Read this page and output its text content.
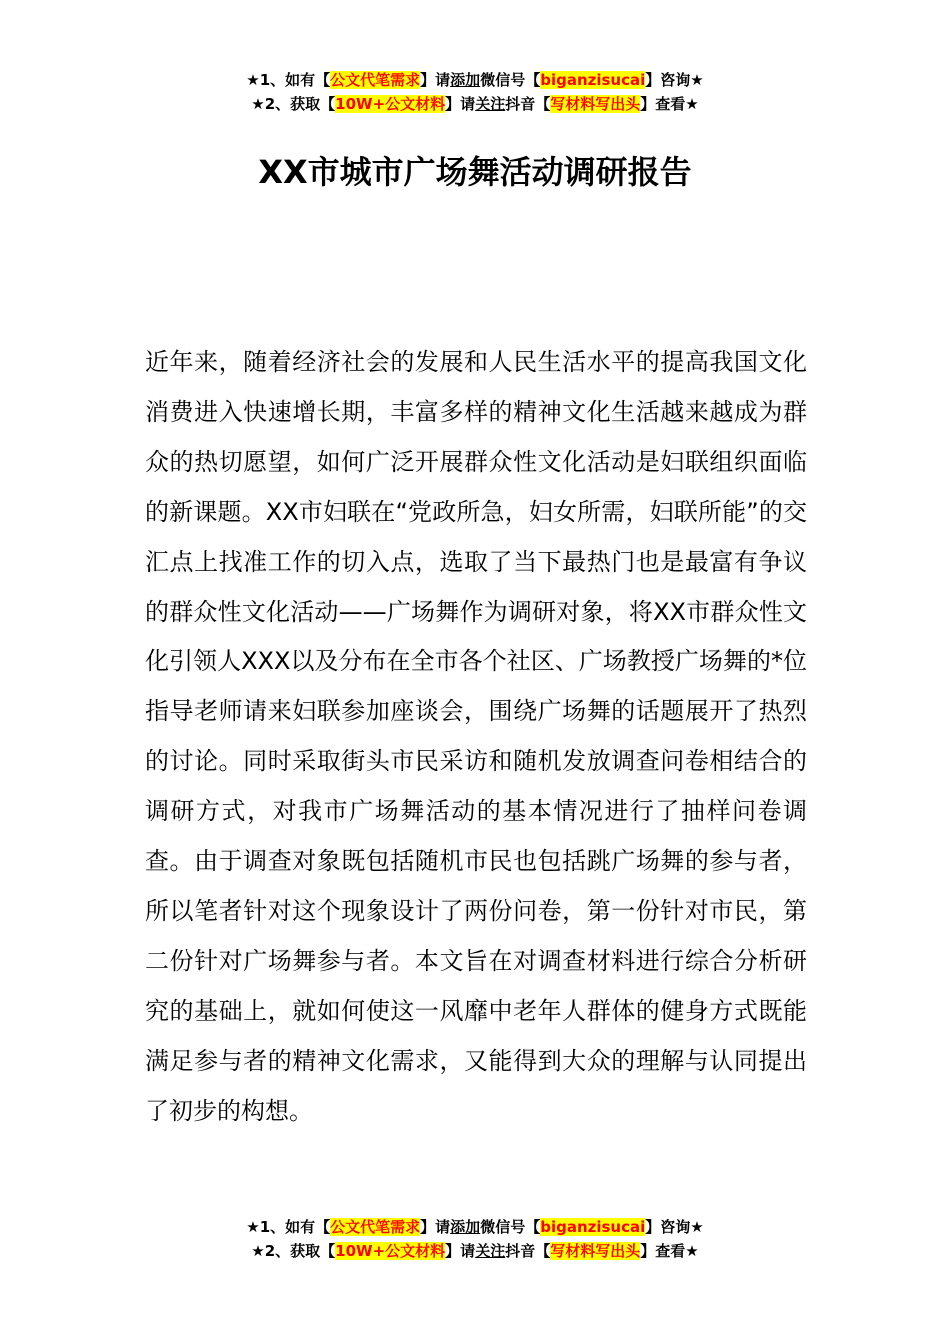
★1、如有【公文代笔需求】请添加微信号【biganzisucai】咨询★
★2、获取【10W+公文材料】请关注抖音【写材料写出头】查看★
XX市城市广场舞活动调研报告

近年来，随着经济社会的发展和人民生活水平的提高我国文化消费进入快速增长期，丰富多样的精神文化生活越来越成为群众的热切愿望，如何广泛开展群众性文化活动是妇联组织面临的新课题。XX市妇联在“党政所急，妇女所需，妇联所能”的交汇点上找准工作的切入点，选取了当下最热门也是最富有争议的群众性文化活动——广场舞作为调研对象，将XX市群众性文化引领人XXX以及分布在全市各个社区、广场教授广场舞的*位指导老师请来妇联参加座谈会，围绕广场舞的话题展开了热烈的讨论。同时采取街头市民采访和随机发放调查问卷相结合的调研方式，对我市广场舞活动的基本情况进行了抽样问卷调查。由于调查对象既包括随机市民也包括跳广场舞的参与者，所以笔者针对这个现象设计了两份问卷，第一份针对市民，第二份针对广场舞参与者。本文旨在对调查材料进行综合分析研究的基础上，就如何使这一风靡中老年人群体的健身方式既能满足参与者的精神文化需求，又能得到大众的理解与认同提出了初步的构想。

★1、如有【公文代笔需求】请添加微信号【biganzisucai】咨询★
★2、获取【10W+公文材料】请关注抖音【写材料写出头】查看★
